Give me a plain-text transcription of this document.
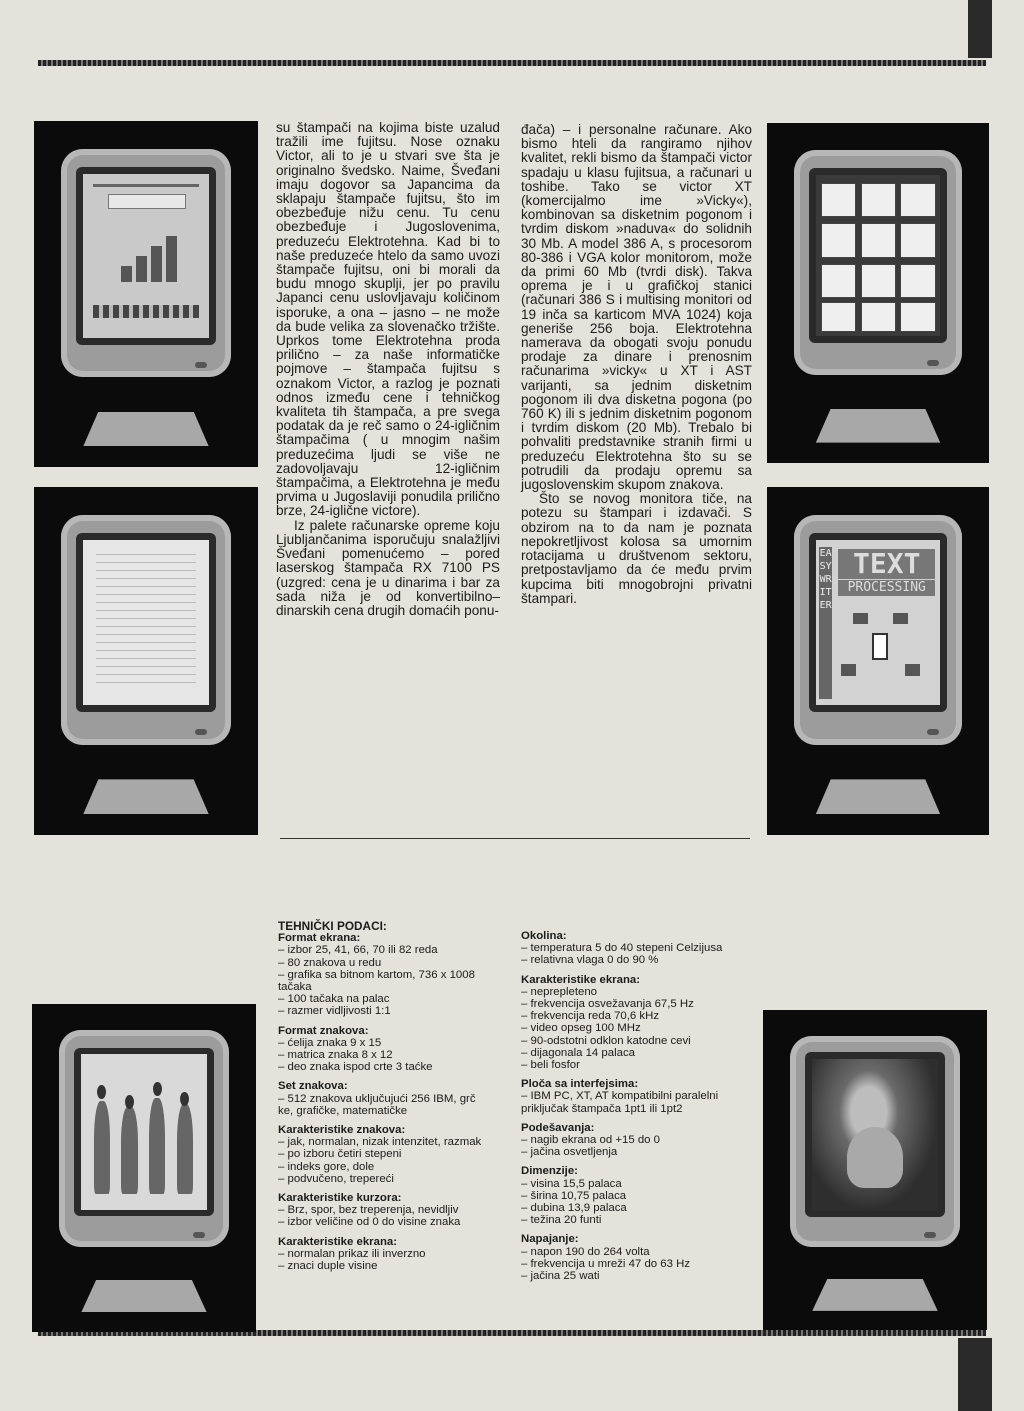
EASYWRITER
TEXT
PROCESSING

su štampači na kojima biste uzalud tražili ime fujitsu. Nose oznaku Victor, ali to je u stvari sve šta je originalno švedsko. Naime, Šveđani imaju dogovor sa Japancima da sklapaju štampače fujitsu, što im obezbeđuje nižu cenu. Tu cenu obezbeđuje i Jugoslovenima, preduzeću Elektrotehna. Kad bi to naše preduzeće htelo da samo uvozi štampače fujitsu, oni bi morali da budu mnogo skuplji, jer po pravilu Japanci cenu uslovljavaju količinom isporuke, a ona – jasno – ne može da bude velika za slovenačko tržište. Uprkos tome Elektrotehna proda prilično – za naše informatičke pojmove – štampača fujitsu s oznakom Victor, a razlog je poznati odnos između cene i tehničkog kvaliteta tih štampača, a pre svega podatak da je reč samo o 24-igličnim štampačima ( u mnogim našim preduzećima ljudi se više ne zadovoljavaju 12-igličnim štampačima, a Elektrotehna je među prvima u Jugoslaviji ponudila prilično brze, 24-iglične victore).

Iz palete računarske opreme koju Ljubljančanima isporučuju snalažljivi Šveđani pomenućemo – pored laserskog štampača RX 7100 PS (uzgred: cena je u dinarima i bar za sada niža je od konvertibilno–dinarskih cena drugih domaćih ponu-

đača) – i personalne računare. Ako bismo hteli da rangiramo njihov kvalitet, rekli bismo da štampači victor spadaju u klasu fujitsua, a računari u toshibe. Tako se victor XT (komercijalmo ime »Vicky«), kombinovan sa disketnim pogonom i tvrdim diskom »naduva« do solidnih 30 Mb. A model 386 A, s procesorom 80-386 i VGA kolor monitorom, može da primi 60 Mb (tvrdi disk). Takva oprema je i u grafičkoj stanici (računari 386 S i multising monitori od 19 inča sa karticom MVA 1024) koja generiše 256 boja. Elektrotehna namerava da obogati svoju ponudu prodaje za dinare i prenosnim računarima »vicky« u XT i AST varijanti, sa jednim disketnim pogonom ili dva disketna pogona (po 760 K) ili s jednim disketnim pogonom i tvrdim diskom (20 Mb). Trebalo bi pohvaliti predstavnike stranih firmi u preduzeću Elektrotehna što su se potrudili da prodaju opremu sa jugoslovenskim skupom znakova.

Što se novog monitora tiče, na potezu su štampari i izdavači. S obzirom na to da nam je poznata nepokretljivost kolosa sa umornim rotacijama u društvenom sektoru, pretpostavljamo da će među prvim kupcima biti mnogobrojni privatni štampari.

TEHNIČKI PODACI:
Format ekrana:
– izbor 25, 41, 66, 70 ili 82 reda
– 80 znakova u redu
– grafika sa bitnom kartom, 736 x 1008
tačaka
– 100 tačaka na palac
– razmer vidljivosti 1:1
Format znakova:
– ćelija znaka 9 x 15
– matrica znaka 8 x 12
– deo znaka ispod crte 3 taćke
Set znakova:
– 512 znakova uključujući 256 IBM, grč
ke, grafičke, matematičke
Karakteristike znakova:
– jak, normalan, nizak intenzitet, razmak
– po izboru četiri stepeni
– indeks gore, dole
– podvučeno, trepereći
Karakteristike kurzora:
– Brz, spor, bez treperenja, nevidljiv
– izbor veličine od 0 do visine znaka
Karakteristike ekrana:
– normalan prikaz ili inverzno
– znaci duple visine
Okolina:
– temperatura 5 do 40 stepeni Celzijusa
– relativna vlaga 0 do 90 %
Karakteristike ekrana:
– neprepleteno
– frekvencija osvežavanja 67,5 Hz
– frekvencija reda 70,6 kHz
– video opseg 100 MHz
– 90-odstotni odklon katodne cevi
– dijagonala 14 palaca
– beli fosfor
Ploča sa interfejsima:
– IBM PC, XT, AT kompatibilni paralelni
priključak štampača 1pt1 ili 1pt2
Podešavanja:
– nagib ekrana od +15 do 0
– jačina osvetljenja
Dimenzije:
– visina 15,5 palaca
– širina 10,75 palaca
– dubina 13,9 palaca
– težina 20 funti
Napajanje:
– napon 190 do 264 volta
– frekvencija u mreži 47 do 63 Hz
– jačina 25 wati
